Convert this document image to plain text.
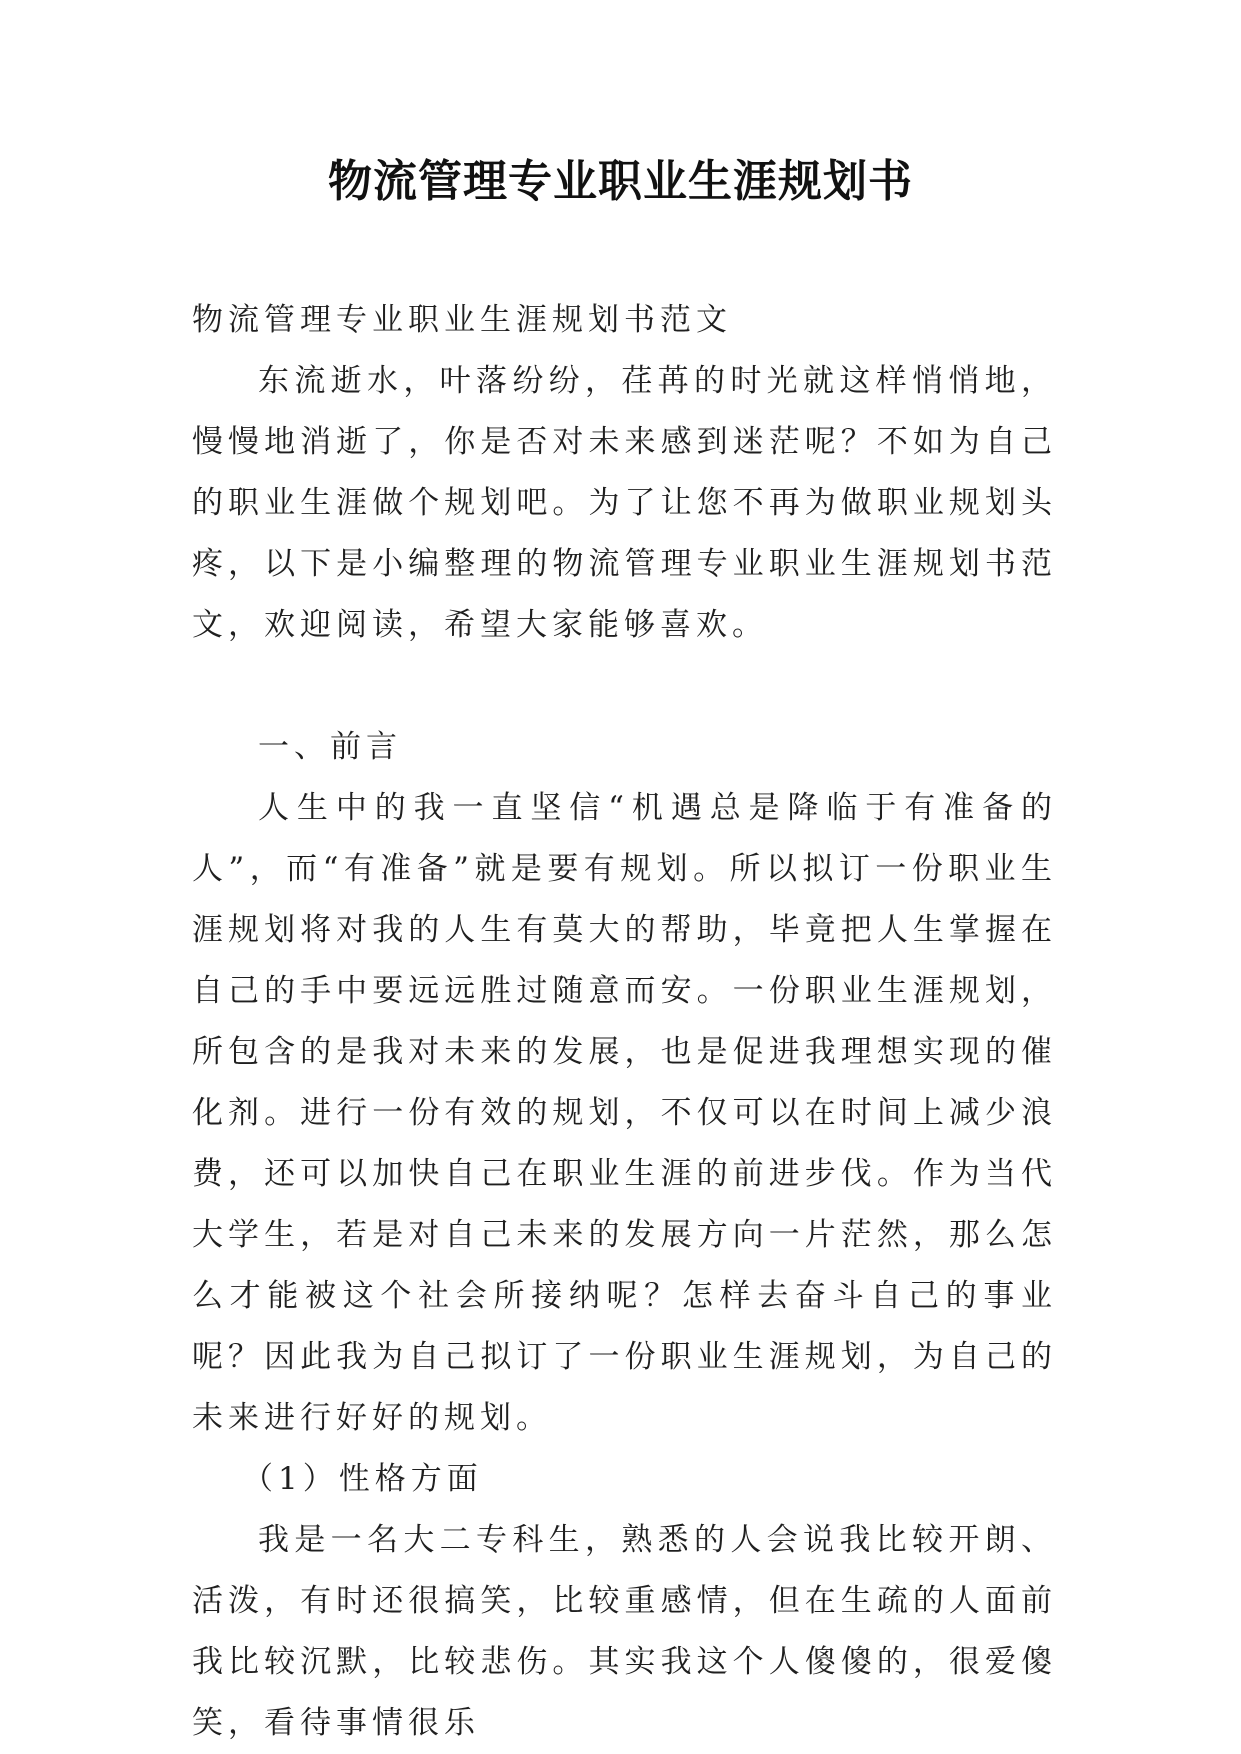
物流管理专业职业生涯规划书

物流管理专业职业生涯规划书范文

东流逝水，叶落纷纷，荏苒的时光就这样悄悄地，慢慢地消逝了，你是否对未来感到迷茫呢？不如为自己的职业生涯做个规划吧。为了让您不再为做职业规划头疼，以下是小编整理的物流管理专业职业生涯规划书范文，欢迎阅读，希望大家能够喜欢。

一、前言

人生中的我一直坚信“机遇总是降临于有准备的人”，而“有准备”就是要有规划。所以拟订一份职业生涯规划将对我的人生有莫大的帮助，毕竟把人生掌握在自己的手中要远远胜过随意而安。一份职业生涯规划，所包含的是我对未来的发展，也是促进我理想实现的催化剂。进行一份有效的规划，不仅可以在时间上减少浪费，还可以加快自己在职业生涯的前进步伐。作为当代大学生，若是对自己未来的发展方向一片茫然，那么怎么才能被这个社会所接纳呢？怎样去奋斗自己的事业呢？因此我为自己拟订了一份职业生涯规划，为自己的未来进行好好的规划。

（1）性格方面

我是一名大二专科生，熟悉的人会说我比较开朗、活泼，有时还很搞笑，比较重感情，但在生疏的人面前我比较沉默，比较悲伤。其实我这个人傻傻的，很爱傻笑，看待事情很乐
